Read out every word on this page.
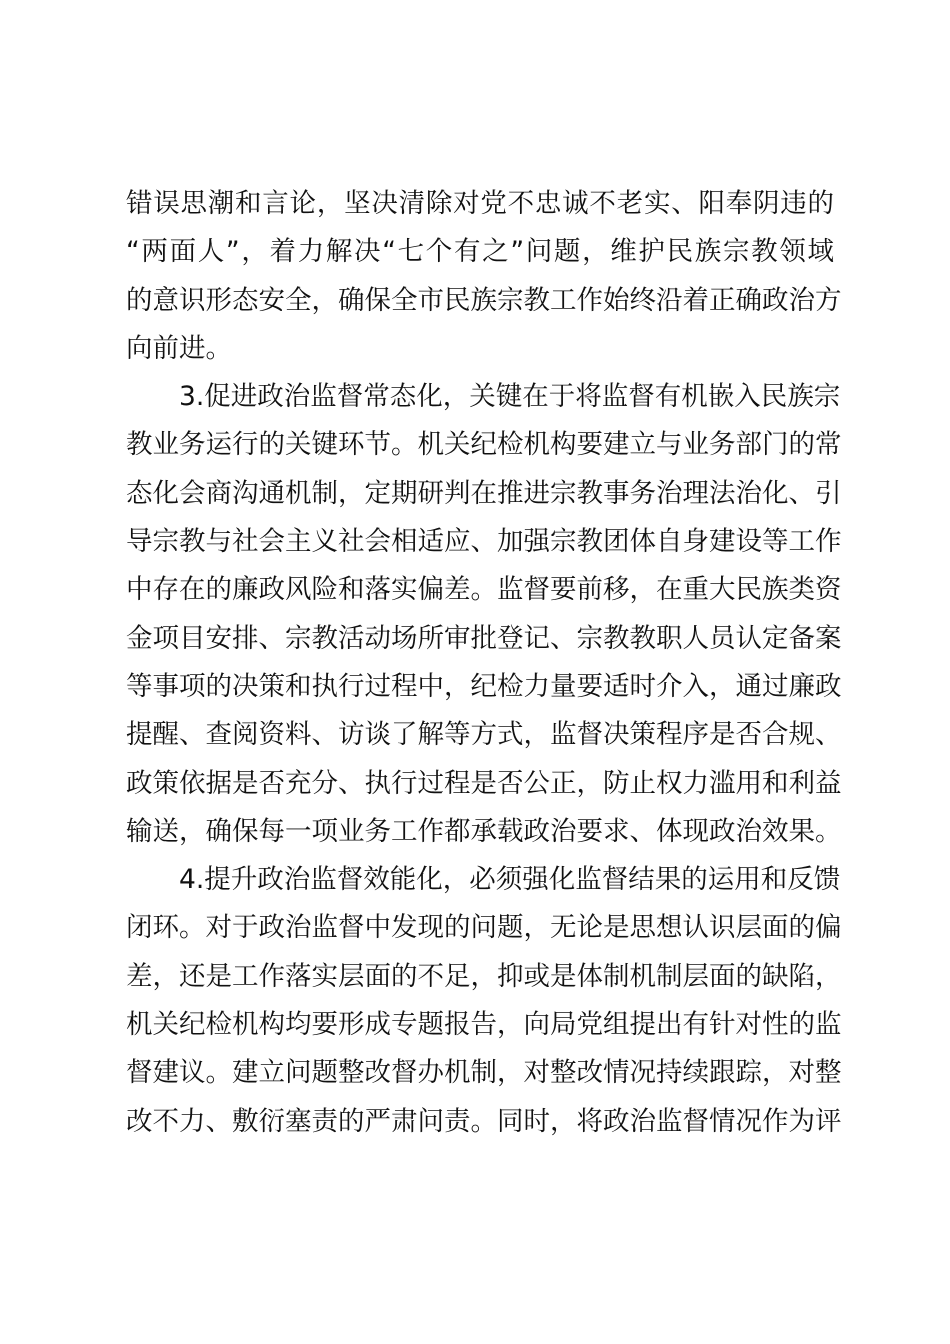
错误思潮和言论，坚决清除对党不忠诚不老实、阳奉阴违的
“两面人”，着力解决“七个有之”问题，维护民族宗教领域
的意识形态安全，确保全市民族宗教工作始终沿着正确政治方
向前进。

3.促进政治监督常态化，关键在于将监督有机嵌入民族宗
教业务运行的关键环节。机关纪检机构要建立与业务部门的常
态化会商沟通机制，定期研判在推进宗教事务治理法治化、引
导宗教与社会主义社会相适应、加强宗教团体自身建设等工作
中存在的廉政风险和落实偏差。监督要前移，在重大民族类资
金项目安排、宗教活动场所审批登记、宗教教职人员认定备案
等事项的决策和执行过程中，纪检力量要适时介入，通过廉政
提醒、查阅资料、访谈了解等方式，监督决策程序是否合规、
政策依据是否充分、执行过程是否公正，防止权力滥用和利益
输送，确保每一项业务工作都承载政治要求、体现政治效果。

4.提升政治监督效能化，必须强化监督结果的运用和反馈
闭环。对于政治监督中发现的问题，无论是思想认识层面的偏
差，还是工作落实层面的不足，抑或是体制机制层面的缺陷，
机关纪检机构均要形成专题报告，向局党组提出有针对性的监
督建议。建立问题整改督办机制，对整改情况持续跟踪，对整
改不力、敷衍塞责的严肃问责。同时，将政治监督情况作为评
